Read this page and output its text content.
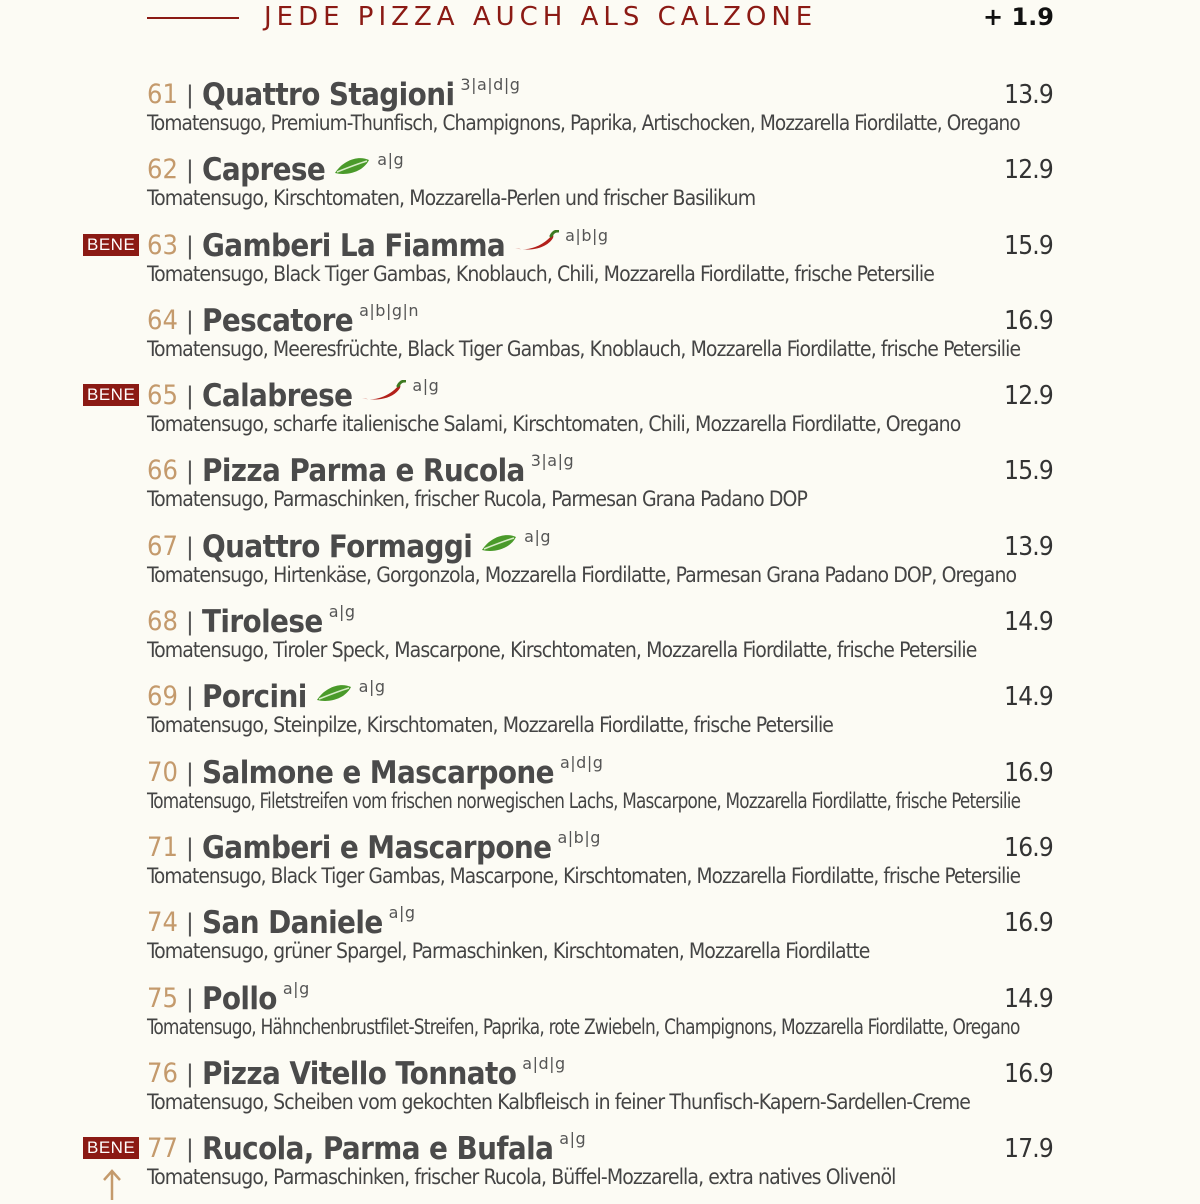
JEDE PIZZA AUCH ALS CALZONE	+ 1.9
61 | Quattro Stagioni 3|a|d|g	13.9
Tomatensugo, Premium-Thunfisch, Champignons, Paprika, Artischocken, Mozzarella Fiordilatte, Oregano
62 | Caprese	a|g	12.9
Tomatensugo, Kirschtomaten, Mozzarella-Perlen und frischer Basilikum
BENE 63 | Gamberi La Fiamma	a|b|g	15.9
Tomatensugo, Black Tiger Gambas, Knoblauch, Chili, Mozzarella Fiordilatte, frische Petersilie
64 | Pescatore a|b|g|n	16.9
Tomatensugo, Meeresfrüchte, Black Tiger Gambas, Knoblauch, Mozzarella Fiordilatte, frische Petersilie
BENE 65 | Calabrese	a|g	12.9
Tomatensugo, scharfe italienische Salami, Kirschtomaten, Chili, Mozzarella Fiordilatte, Oregano
66 | Pizza Parma e Rucola 3|a|g	15.9
Tomatensugo, Parmaschinken, frischer Rucola, Parmesan Grana Padano DOP
67 | Quattro Formaggi	a|g	13.9
Tomatensugo, Hirtenkäse, Gorgonzola, Mozzarella Fiordilatte, Parmesan Grana Padano DOP, Oregano
68 | Tirolese a|g	14.9
Tomatensugo, Tiroler Speck, Mascarpone, Kirschtomaten, Mozzarella Fiordilatte, frische Petersilie
69 | Porcini	a|g	14.9
Tomatensugo, Steinpilze, Kirschtomaten, Mozzarella Fiordilatte, frische Petersilie
70 | Salmone e Mascarpone a|d|g	16.9
Tomatensugo, Filetstreifen vom frischen norwegischen Lachs, Mascarpone, Mozzarella Fiordilatte, frische Petersilie
71 | Gamberi e Mascarpone a|b|g	16.9
Tomatensugo, Black Tiger Gambas, Mascarpone, Kirschtomaten, Mozzarella Fiordilatte, frische Petersilie
74 | San Daniele a|g	16.9
Tomatensugo, grüner Spargel, Parmaschinken, Kirschtomaten, Mozzarella Fiordilatte
75 | Pollo a|g	14.9
Tomatensugo, Hähnchenbrustfilet-Streifen, Paprika, rote Zwiebeln, Champignons, Mozzarella Fiordilatte, Oregano
76 | Pizza Vitello Tonnato a|d|g	16.9
Tomatensugo, Scheiben vom gekochten Kalbfleisch in feiner Thunfisch-Kapern-Sardellen-Creme
BENE 77 | Rucola, Parma e Bufala a|g	17.9
Tomatensugo, Parmaschinken, frischer Rucola, Büffel-Mozzarella, extra natives Olivenöl
